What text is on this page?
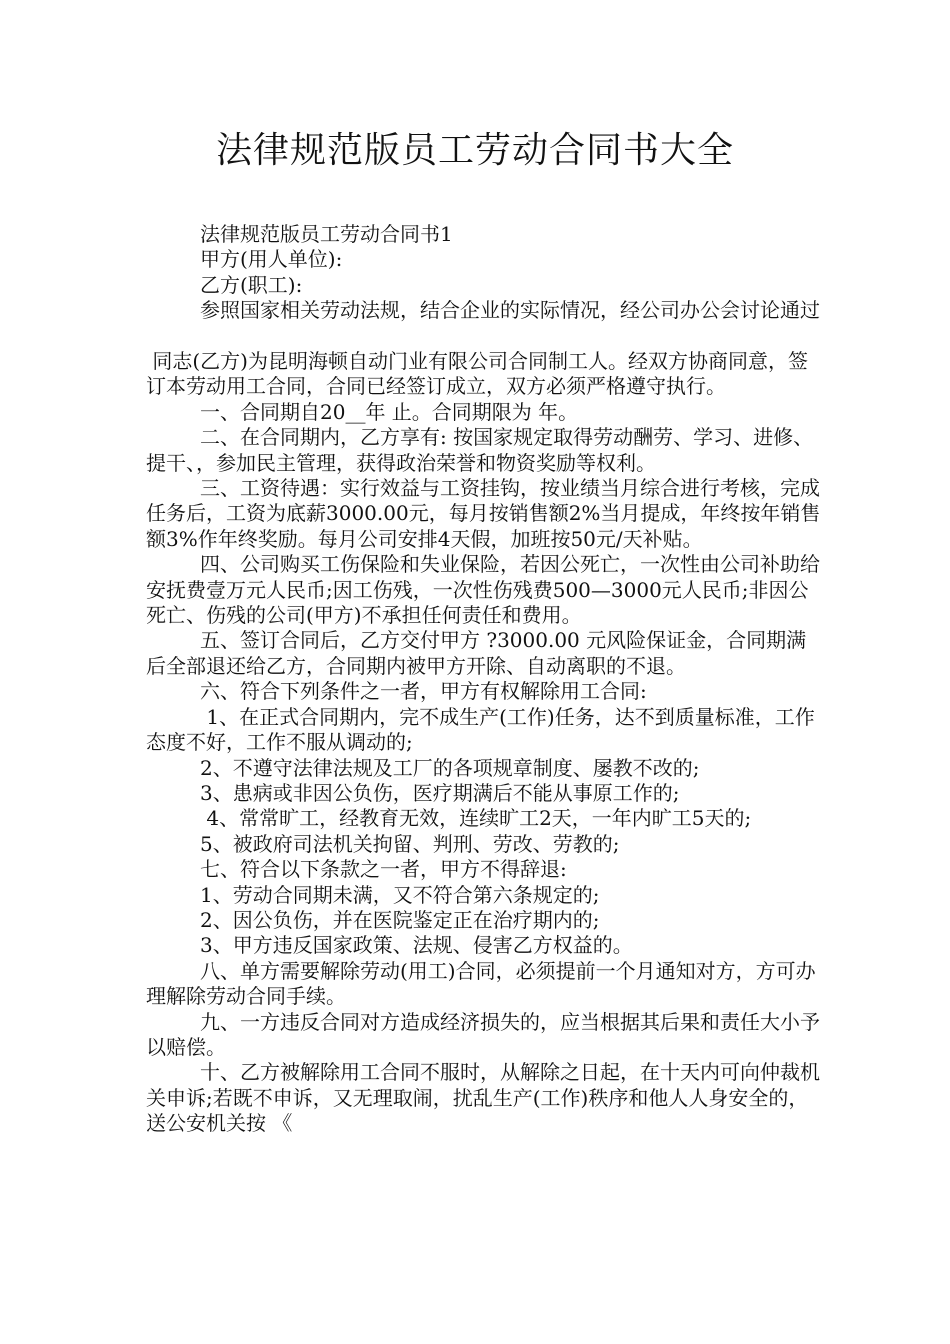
法律规范版员工劳动合同书大全

法律规范版员工劳动合同书1

甲方(用人单位):

乙方(职工):

参照国家相关劳动法规，结合企业的实际情况，经公司办公会讨论通过

同志(乙方)为昆明海顿自动门业有限公司合同制工人。经双方协商同意，签订本劳动用工合同，合同已经签订成立，双方必须严格遵守执行。

一、合同期自20__年 止。合同期限为 年。

二、在合同期内，乙方享有: 按国家规定取得劳动酬劳、学习、进修、提干、，参加民主管理，获得政治荣誉和物资奖励等权利。

三、工资待遇：实行效益与工资挂钩，按业绩当月综合进行考核，完成任务后，工资为底薪3000.00元，每月按销售额2%当月提成，年终按年销售额3%作年终奖励。每月公司安排4天假，加班按50元/天补贴。

四、公司购买工伤保险和失业保险，若因公死亡，一次性由公司补助给安抚费壹万元人民币;因工伤残，一次性伤残费500—3000元人民币;非因公死亡、伤残的公司(甲方)不承担任何责任和费用。

五、签订合同后，乙方交付甲方 ?3000.00 元风险保证金，合同期满后全部退还给乙方，合同期内被甲方开除、自动离职的不退。

六、符合下列条件之一者，甲方有权解除用工合同:

1、在正式合同期内，完不成生产(工作)任务，达不到质量标准，工作态度不好，工作不服从调动的;

2、不遵守法律法规及工厂的各项规章制度、屡教不改的;

3、患病或非因公负伤，医疗期满后不能从事原工作的;

4、常常旷工，经教育无效，连续旷工2天，一年内旷工5天的;

5、被政府司法机关拘留、判刑、劳改、劳教的;

七、符合以下条款之一者，甲方不得辞退:

1、劳动合同期未满，又不符合第六条规定的;

2、因公负伤，并在医院鉴定正在治疗期内的;

3、甲方违反国家政策、法规、侵害乙方权益的。

八、单方需要解除劳动(用工)合同，必须提前一个月通知对方，方可办理解除劳动合同手续。

九、一方违反合同对方造成经济损失的，应当根据其后果和责任大小予以赔偿。

十、乙方被解除用工合同不服时，从解除之日起，在十天内可向仲裁机关申诉;若既不申诉，又无理取闹，扰乱生产(工作)秩序和他人人身安全的，送公安机关按 《
